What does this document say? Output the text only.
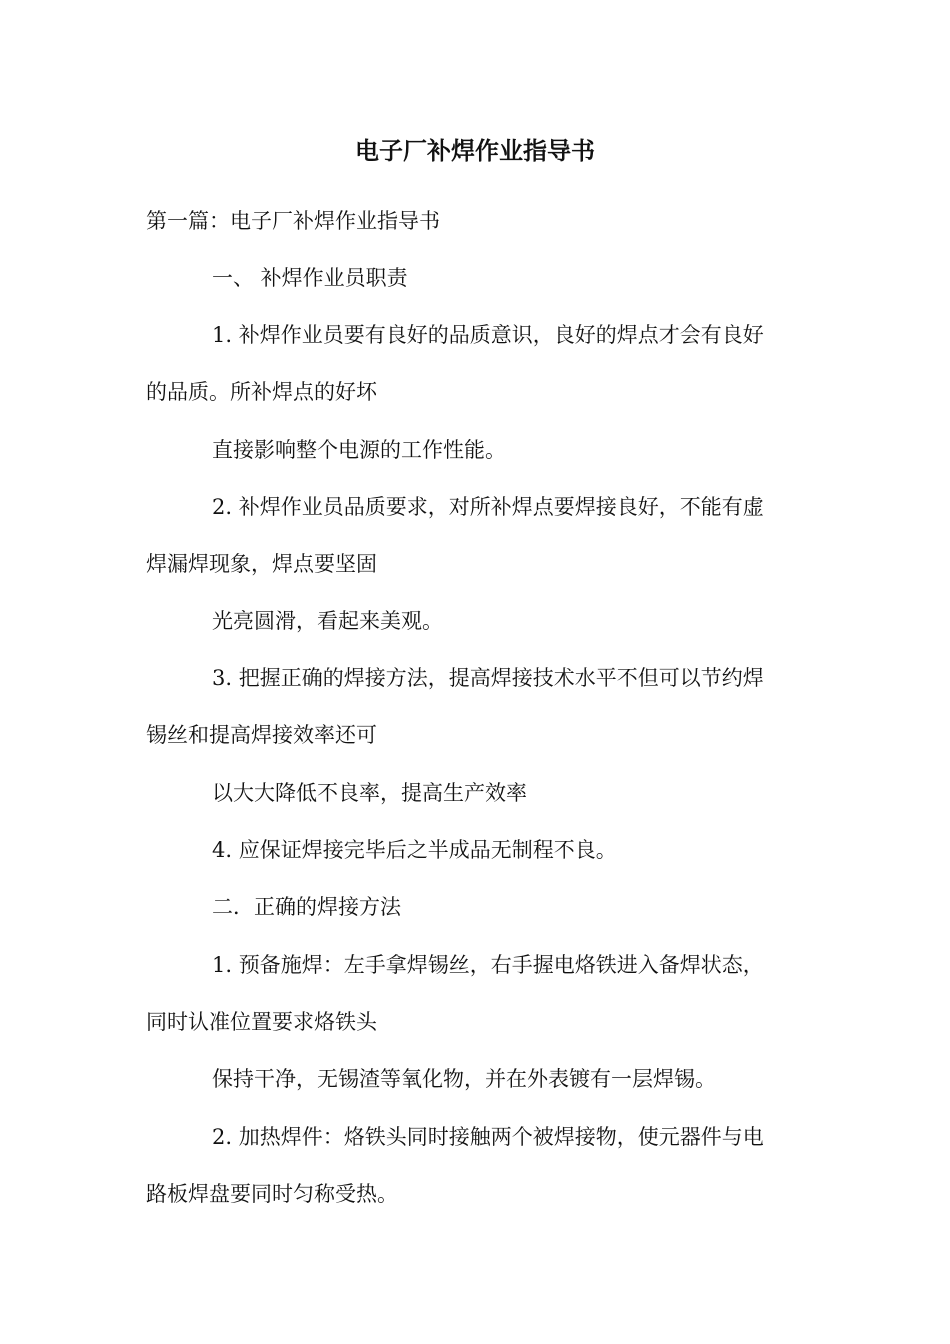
电子厂补焊作业指导书
第一篇：电子厂补焊作业指导书
一、 补焊作业员职责
1. 补焊作业员要有良好的品质意识，良好的焊点才会有良好
的品质。所补焊点的好坏
直接影响整个电源的工作性能。
2. 补焊作业员品质要求，对所补焊点要焊接良好，不能有虚
焊漏焊现象，焊点要坚固
光亮圆滑，看起来美观。
3. 把握正确的焊接方法，提高焊接技术水平不但可以节约焊
锡丝和提高焊接效率还可
以大大降低不良率，提高生产效率
4. 应保证焊接完毕后之半成品无制程不良。
二．正确的焊接方法
1. 预备施焊：左手拿焊锡丝，右手握电烙铁进入备焊状态，
同时认准位置要求烙铁头
保持干净，无锡渣等氧化物，并在外表镀有一层焊锡。
2. 加热焊件：烙铁头同时接触两个被焊接物，使元器件与电
路板焊盘要同时匀称受热。
